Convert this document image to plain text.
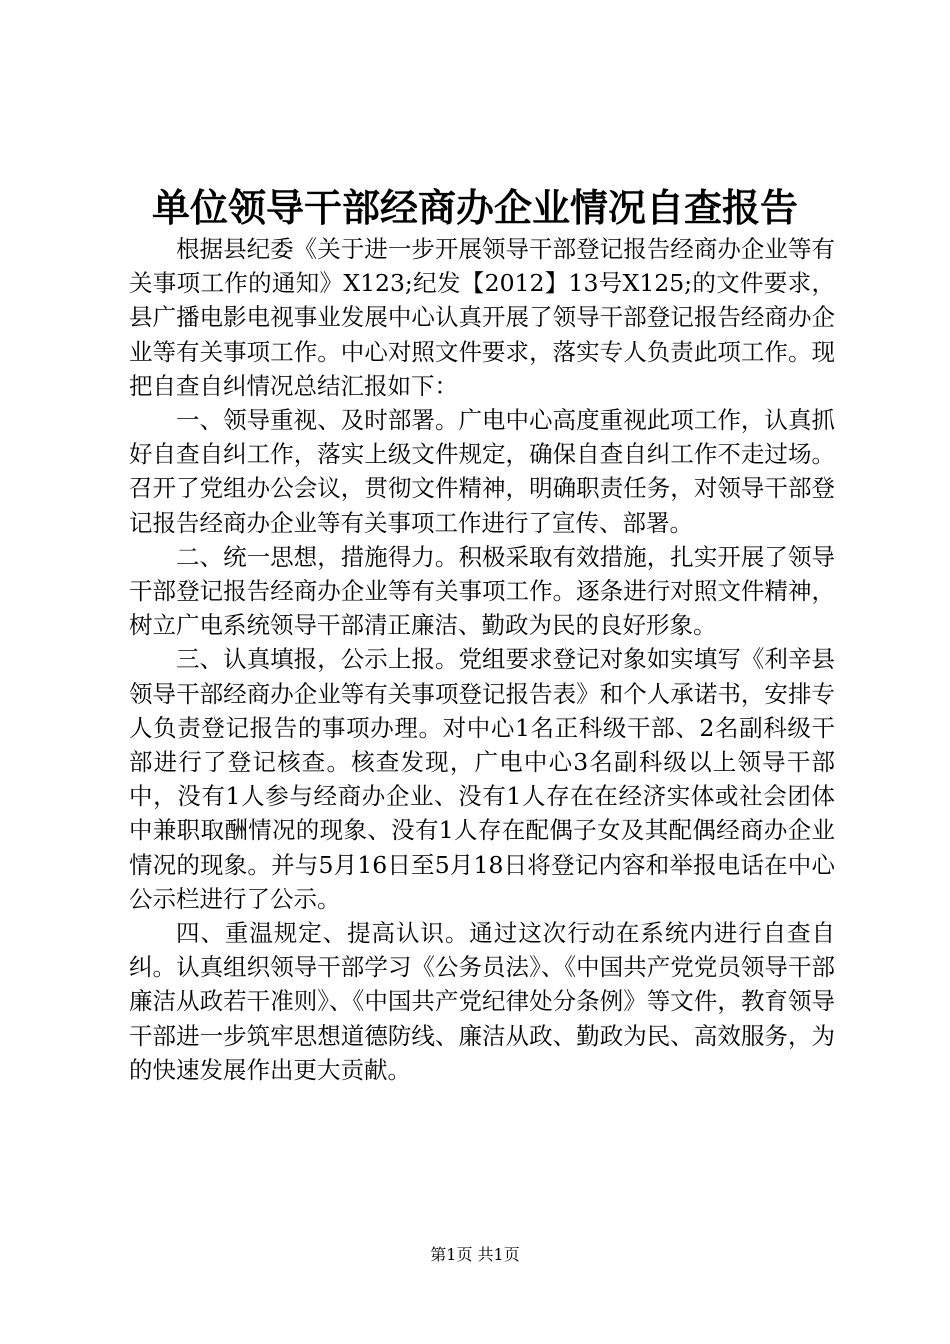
单位领导干部经商办企业情况自查报告

根据县纪委《关于进一步开展领导干部登记报告经商办企业等有关事项工作的通知》X123;纪发【2012】13号X125;的文件要求，县广播电影电视事业发展中心认真开展了领导干部登记报告经商办企业等有关事项工作。中心对照文件要求，落实专人负责此项工作。现把自查自纠情况总结汇报如下：

一、领导重视、及时部署。广电中心高度重视此项工作，认真抓好自查自纠工作，落实上级文件规定，确保自查自纠工作不走过场。召开了党组办公会议，贯彻文件精神，明确职责任务，对领导干部登记报告经商办企业等有关事项工作进行了宣传、部署。

二、统一思想，措施得力。积极采取有效措施，扎实开展了领导干部登记报告经商办企业等有关事项工作。逐条进行对照文件精神，树立广电系统领导干部清正廉洁、勤政为民的良好形象。

三、认真填报，公示上报。党组要求登记对象如实填写《利辛县领导干部经商办企业等有关事项登记报告表》和个人承诺书，安排专人负责登记报告的事项办理。对中心1名正科级干部、2名副科级干部进行了登记核查。核查发现，广电中心3名副科级以上领导干部中，没有1人参与经商办企业、没有1人存在在经济实体或社会团体中兼职取酬情况的现象、没有1人存在配偶子女及其配偶经商办企业情况的现象。并与5月16日至5月18日将登记内容和举报电话在中心公示栏进行了公示。

四、重温规定、提高认识。通过这次行动在系统内进行自查自纠。认真组织领导干部学习《公务员法》、《中国共产党党员领导干部廉洁从政若干准则》、《中国共产党纪律处分条例》等文件，教育领导干部进一步筑牢思想道德防线、廉洁从政、勤政为民、高效服务，为的快速发展作出更大贡献。

第1页 共1页
